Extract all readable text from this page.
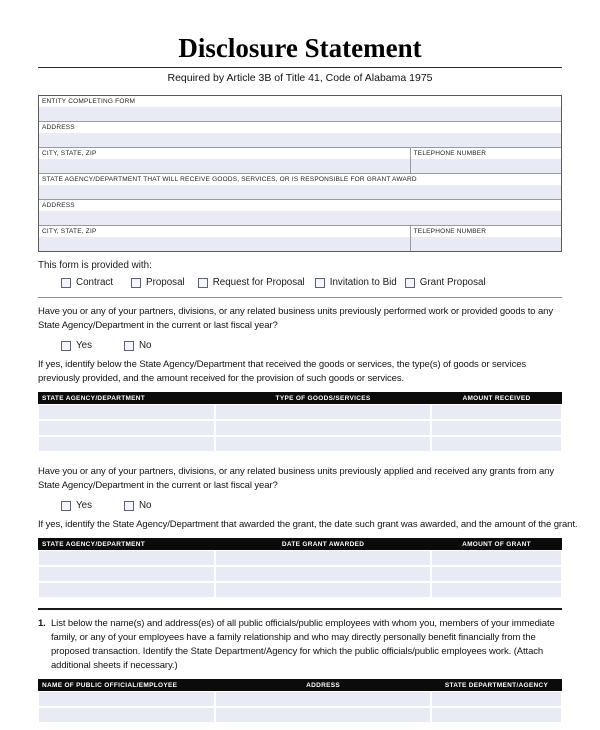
Disclosure Statement
Required by Article 3B of Title 41, Code of Alabama 1975
ENTITY COMPLETING FORM
ADDRESS
CITY, STATE, ZIP	TELEPHONE NUMBER
STATE AGENCY/DEPARTMENT THAT WILL RECEIVE GOODS, SERVICES, OR IS RESPONSIBLE FOR GRANT AWARD
ADDRESS
CITY, STATE, ZIP	TELEPHONE NUMBER
This form is provided with:
Contract	Proposal	Request for Proposal	Invitation to Bid Grant Proposal

Have you or any of your partners, divisions, or any related business units previously performed work or provided goods to any State Agency/Department in the current or last fiscal year?

Yes	No

If yes, identify below the State Agency/Department that received the goods or services, the type(s) of goods or services previously provided, and the amount received for the provision of such goods or services.

STATE AGENCY/DEPARTMENT	TYPE OF GOODS/SERVICES	AMOUNT RECEIVED

Have you or any of your partners, divisions, or any related business units previously applied and received any grants from any State Agency/Department in the current or last fiscal year?

Yes	No

If yes, identify the State Agency/Department that awarded the grant, the date such grant was awarded, and the amount of the grant.

STATE AGENCY/DEPARTMENT	DATE GRANT AWARDED	AMOUNT OF GRANT

1. List below the name(s) and address(es) of all public officials/public employees with whom you, members of your immediate family, or any of your employees have a family relationship and who may directly personally benefit financially from the proposed transaction. Identify the State Department/Agency for which the public officials/public employees work. (Attach additional sheets if necessary.)

NAME OF PUBLIC OFFICIAL/EMPLOYEE	ADDRESS	STATE DEPARTMENT/AGENCY
